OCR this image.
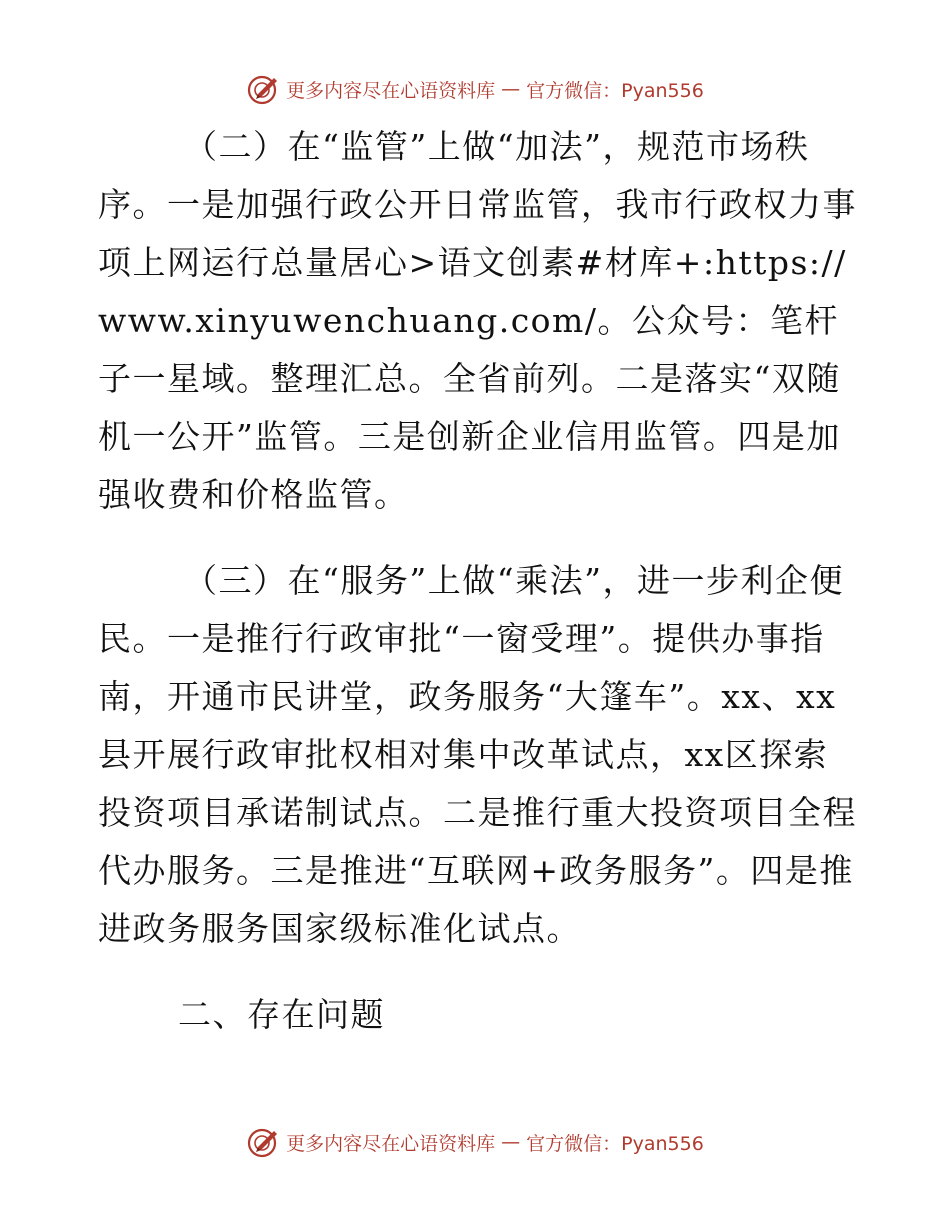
更多内容尽在心语资料库 — 官方微信：Pyan556

（二）在“监管”上做“加法”，规范市场秩序。一是加强行政公开日常监管，我市行政权力事项上网运行总量居心>语文创素#材库+:https://www.xinyuwenchuang.com/。公众号：笔杆子一星域。整理汇总。全省前列。二是落实“双随机一公开”监管。三是创新企业信用监管。四是加强收费和价格监管。

（三）在“服务”上做“乘法”，进一步利企便民。一是推行行政审批“一窗受理”。提供办事指南，开通市民讲堂，政务服务“大篷车”。xx、xx县开展行政审批权相对集中改革试点，xx区探索投资项目承诺制试点。二是推行重大投资项目全程代办服务。三是推进“互联网+政务服务”。四是推进政务服务国家级标准化试点。

二、存在问题

更多内容尽在心语资料库 — 官方微信：Pyan556
